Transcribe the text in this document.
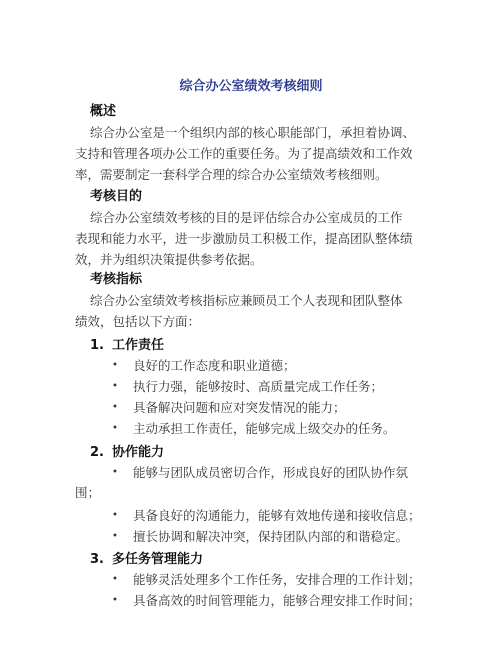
综合办公室绩效考核细则
概述
综合办公室是一个组织内部的核心职能部门，承担着协调、
支持和管理各项办公工作的重要任务。为了提高绩效和工作效
率，需要制定一套科学合理的综合办公室绩效考核细则。
考核目的
综合办公室绩效考核的目的是评估综合办公室成员的工作
表现和能力水平，进一步激励员工积极工作，提高团队整体绩
效，并为组织决策提供参考依据。
考核指标
综合办公室绩效考核指标应兼顾员工个人表现和团队整体
绩效，包括以下方面：
1. 工作责任
• 良好的工作态度和职业道德；
• 执行力强，能够按时、高质量完成工作任务；
• 具备解决问题和应对突发情况的能力；
• 主动承担工作责任，能够完成上级交办的任务。
2. 协作能力
• 能够与团队成员密切合作，形成良好的团队协作氛
围；
• 具备良好的沟通能力，能够有效地传递和接收信息；
• 擅长协调和解决冲突，保持团队内部的和谐稳定。
3. 多任务管理能力
• 能够灵活处理多个工作任务，安排合理的工作计划；
• 具备高效的时间管理能力，能够合理安排工作时间；
